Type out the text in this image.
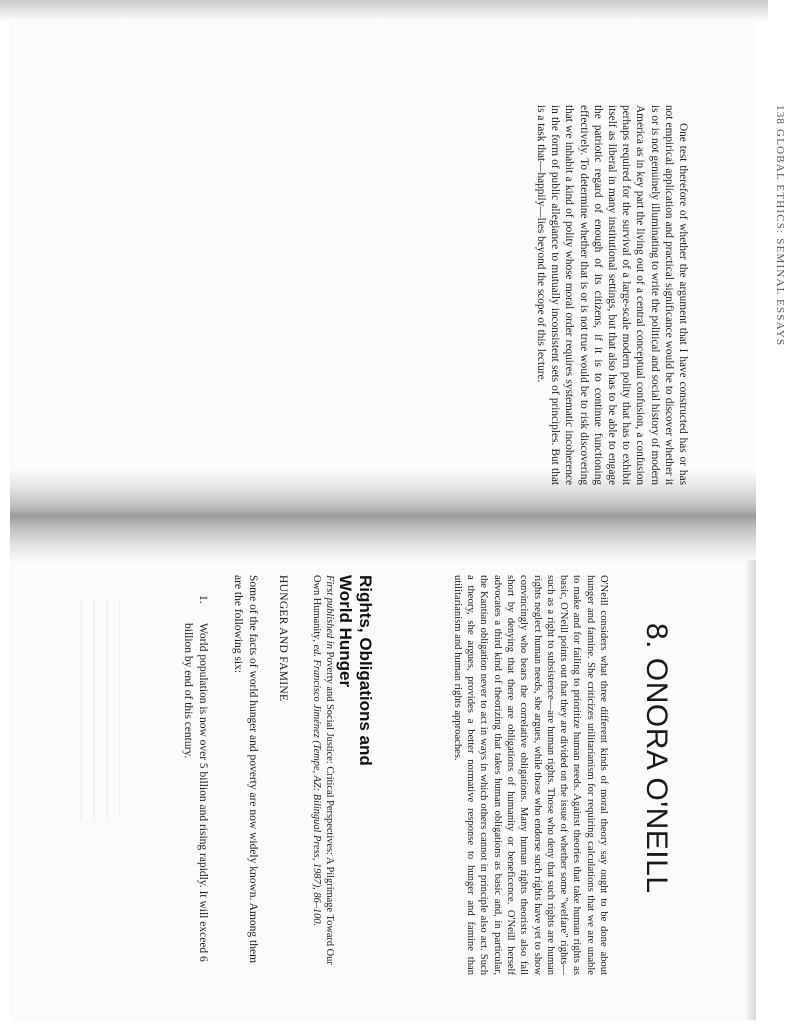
138 GLOBAL ETHICS: SEMINAL ESSAYS

One test therefore of whether the argument that I have constructed has or has not empirical application and practical significance would be to discover whether it is or is not genuinely illuminating to write the political and social history of modern America as in key part the living out of a central conceptual confusion, a confusion perhaps required for the survival of a large-scale modern polity that has to exhibit itself as liberal in many institutional settings, but that also has to be able to engage the patriotic regard of enough of its citizens, if it is to continue functioning effectively. To determine whether that is or is not true would be to risk discovering that we inhabit a kind of polity whose moral order requires systematic incoherence in the form of public allegiance to mutually inconsistent sets of principles. But that is a task that—happily—lies beyond the scope of this lecture.

8. ONORA O'NEILL

O'Neill considers what three different kinds of moral theory say ought to be done about hunger and famine. She criticizes utilitarianism for requiring calculations that we are unable to make and for failing to prioritize human needs. Against theories that take human rights as basic, O'Neill points out that they are divided on the issue of whether some "welfare" rights—such as a right to subsistence—are human rights. Those who deny that such rights are human rights neglect human needs, she argues, while those who endorse such rights have yet to show convincingly who bears the correlative obligations. Many human rights theorists also fall short by denying that there are obligations of humanity or beneficence. O'Neill herself advocates a third kind of theorizing that takes human obligations as basic and, in particular, the Kantian obligation never to act in ways in which others cannot in principle also act. Such a theory, she argues, provides a better normative response to hunger and famine than utilitarianism and human rights approaches.

Rights, Obligations and
World Hunger

First published in Poverty and Social Justice: Critical Perspectives: A Pilgrimage Toward Our Own Humanity, ed. Francisco Jiménez (Tempe, AZ: Bilingual Press, 1987), 86–100.

HUNGER AND FAMINE

Some of the facts of world hunger and poverty are now widely known. Among them are the following six:

1.
World population is now over 5 billion and rising rapidly. It will exceed 6 billion by end of this century.
